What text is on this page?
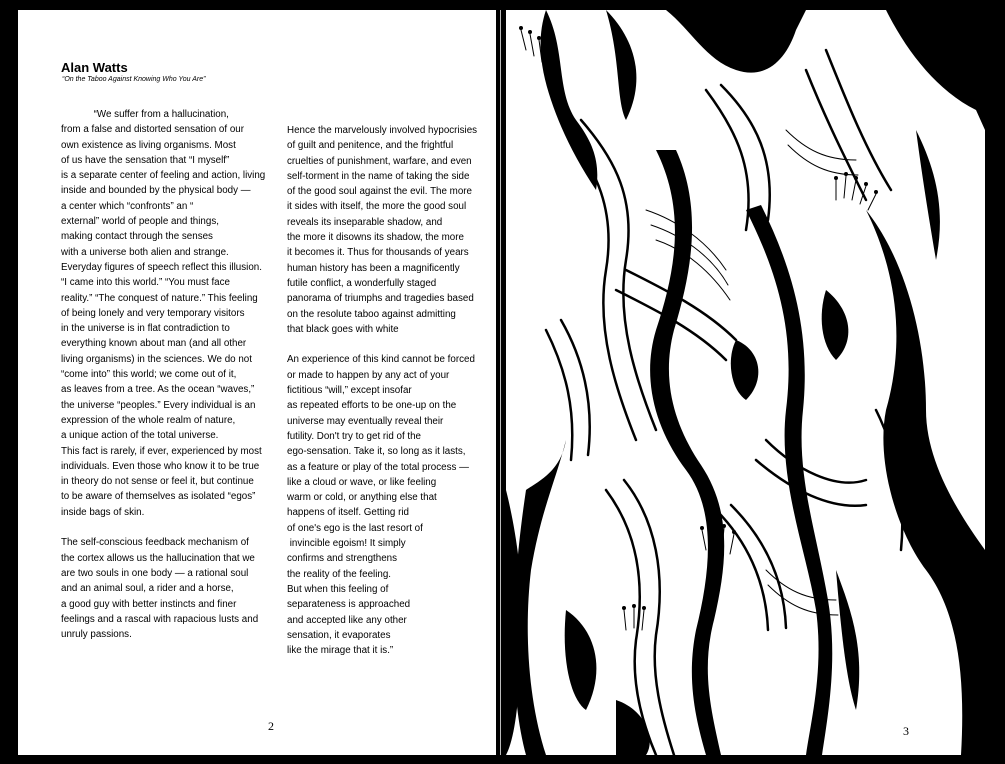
Alan Watts

“On the Taboo Against Knowing Who You Are”

“We suffer from a hallucination,
from a false and distorted sensation of our
own existence as living organisms. Most
of us have the sensation that “I myself”
is a separate center of feeling and action, living
inside and bounded by the physical body —
a center which “confronts” an “
external” world of people and things,
making contact through the senses
with a universe both alien and strange.
Everyday figures of speech reflect this illusion.
“I came into this world.” “You must face
reality.” “The conquest of nature.” This feeling
of being lonely and very temporary visitors
in the universe is in flat contradiction to
everything known about man (and all other
living organisms) in the sciences. We do not
“come into” this world; we come out of it,
as leaves from a tree. As the ocean “waves,”
the universe “peoples.” Every individual is an
expression of the whole realm of nature,
a unique action of the total universe.
This fact is rarely, if ever, experienced by most
individuals. Even those who know it to be true
in theory do not sense or feel it, but continue
to be aware of themselves as isolated “egos”
inside bags of skin.
The self-conscious feedback mechanism of
the cortex allows us the hallucination that we
are two souls in one body — a rational soul
and an animal soul, a rider and a horse,
a good guy with better instincts and finer
feelings and a rascal with rapacious lusts and
unruly passions.
Hence the marvelously involved hypocrisies
of guilt and penitence, and the frightful
cruelties of punishment, warfare, and even
self-torment in the name of taking the side
of the good soul against the evil. The more
it sides with itself, the more the good soul
reveals its inseparable shadow, and
the more it disowns its shadow, the more
it becomes it. Thus for thousands of years
human history has been a magnificently
futile conflict, a wonderfully staged
panorama of triumphs and tragedies based
on the resolute taboo against admitting
that black goes with white
An experience of this kind cannot be forced
or made to happen by any act of your
fictitious “will,” except insofar
as repeated efforts to be one-up on the
universe may eventually reveal their
futility. Don't try to get rid of the
ego-sensation. Take it, so long as it lasts,
as a feature or play of the total process —
like a cloud or wave, or like feeling
warm or cold, or anything else that
happens of itself. Getting rid
of one's ego is the last resort of
invincible egoism! It simply
confirms and strengthens
the reality of the feeling.
But when this feeling of
separateness is approached
and accepted like any other
sensation, it evaporates
like the mirage that it is.”
2	3
